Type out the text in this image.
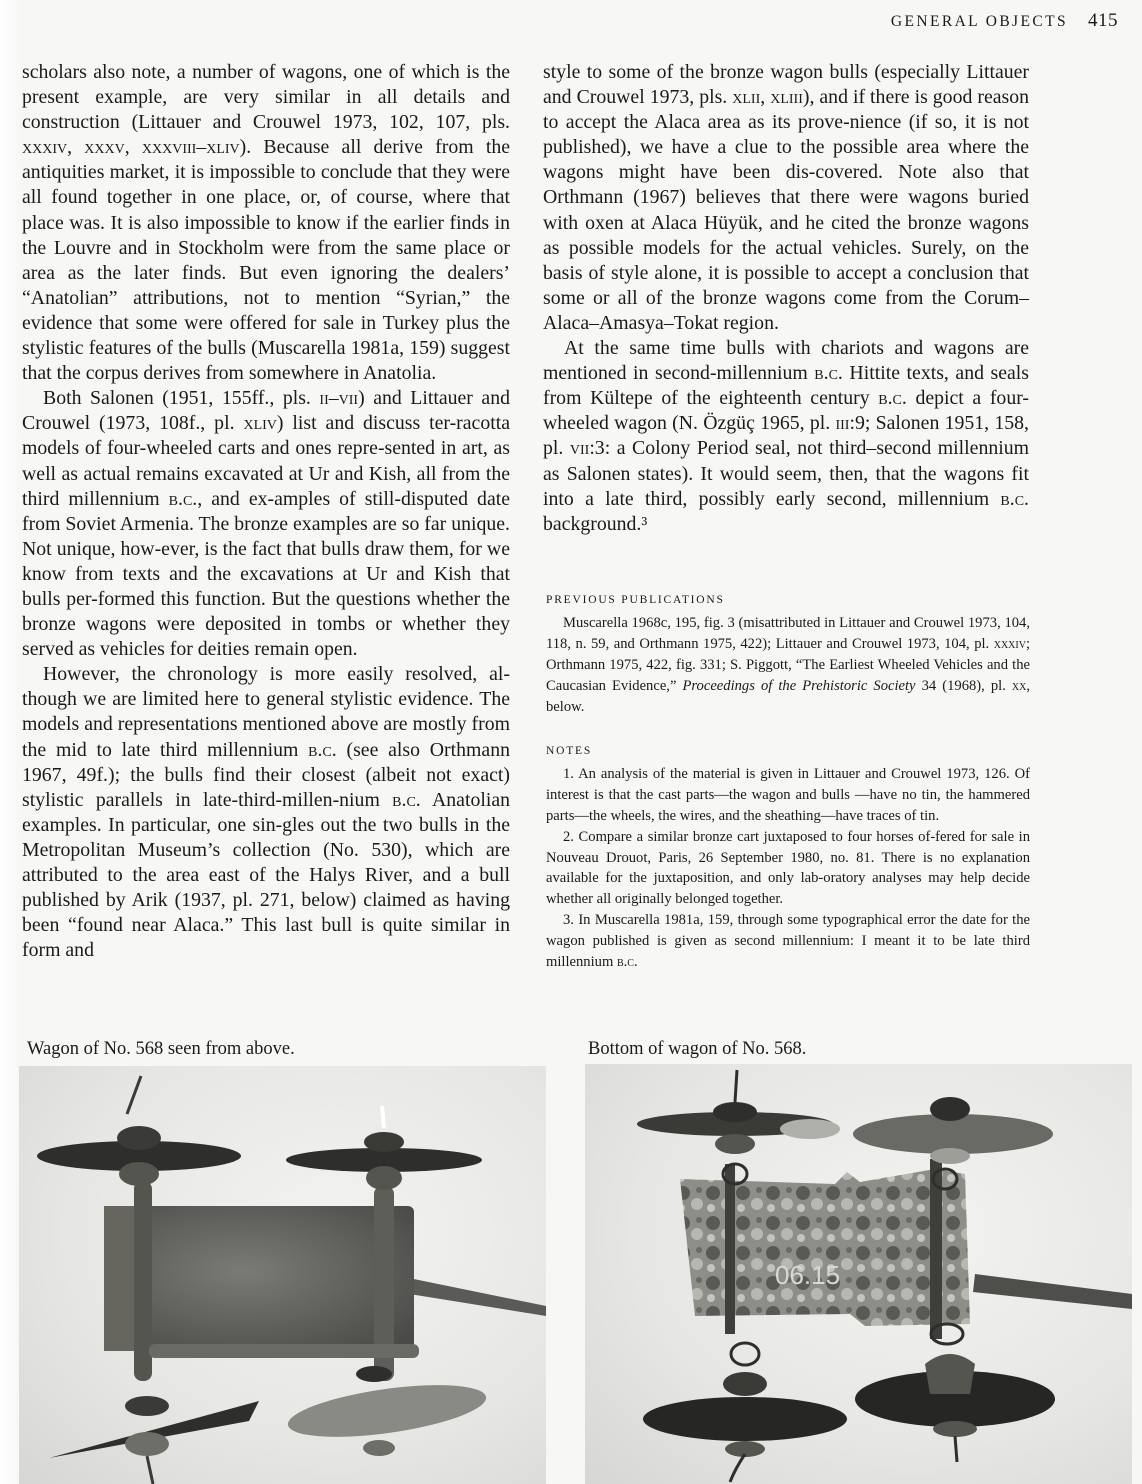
GENERAL OBJECTS 415

scholars also note, a number of wagons, one of which is the present example, are very similar in all details and construction (Littauer and Crouwel 1973, 102, 107, pls. xxxiv, xxxv, xxxviii–xliv). Because all derive from the antiquities market, it is impossible to conclude that they were all found together in one place, or, of course, where that place was. It is also impossible to know if the earlier finds in the Louvre and in Stockholm were from the same place or area as the later finds. But even ignoring the dealers’ “Anatolian” attributions, not to mention “Syrian,” the evidence that some were offered for sale in Turkey plus the stylistic features of the bulls (Muscarella 1981a, 159) suggest that the corpus derives from somewhere in Anatolia.

Both Salonen (1951, 155ff., pls. ii–vii) and Littauer and Crouwel (1973, 108f., pl. xliv) list and discuss ter-racotta models of four-wheeled carts and ones repre-sented in art, as well as actual remains excavated at Ur and Kish, all from the third millennium b.c., and ex-amples of still-disputed date from Soviet Armenia. The bronze examples are so far unique. Not unique, how-ever, is the fact that bulls draw them, for we know from texts and the excavations at Ur and Kish that bulls per-formed this function. But the questions whether the bronze wagons were deposited in tombs or whether they served as vehicles for deities remain open.

However, the chronology is more easily resolved, al-though we are limited here to general stylistic evidence. The models and representations mentioned above are mostly from the mid to late third millennium b.c. (see also Orthmann 1967, 49f.); the bulls find their closest (albeit not exact) stylistic parallels in late-third-millen-nium b.c. Anatolian examples. In particular, one sin-gles out the two bulls in the Metropolitan Museum’s collection (No. 530), which are attributed to the area east of the Halys River, and a bull published by Arik (1937, pl. 271, below) claimed as having been “found near Alaca.” This last bull is quite similar in form and

style to some of the bronze wagon bulls (especially Littauer and Crouwel 1973, pls. xlii, xliii), and if there is good reason to accept the Alaca area as its prove-nience (if so, it is not published), we have a clue to the possible area where the wagons might have been dis-covered. Note also that Orthmann (1967) believes that there were wagons buried with oxen at Alaca Hüyük, and he cited the bronze wagons as possible models for the actual vehicles. Surely, on the basis of style alone, it is possible to accept a conclusion that some or all of the bronze wagons come from the Corum–Alaca–Amasya–Tokat region.

At the same time bulls with chariots and wagons are mentioned in second-millennium b.c. Hittite texts, and seals from Kültepe of the eighteenth century b.c. depict a four-wheeled wagon (N. Özgüç 1965, pl. iii:9; Salonen 1951, 158, pl. vii:3: a Colony Period seal, not third–second millennium as Salonen states). It would seem, then, that the wagons fit into a late third, possibly early second, millennium b.c. background.³

PREVIOUS PUBLICATIONS

Muscarella 1968c, 195, fig. 3 (misattributed in Littauer and Crouwel 1973, 104, 118, n. 59, and Orthmann 1975, 422); Littauer and Crouwel 1973, 104, pl. xxxiv; Orthmann 1975, 422, fig. 331; S. Piggott, “The Earliest Wheeled Vehicles and the Caucasian Evidence,” Proceedings of the Prehistoric Society 34 (1968), pl. xx, below.

NOTES

1. An analysis of the material is given in Littauer and Crouwel 1973, 126. Of interest is that the cast parts—the wagon and bulls —have no tin, the hammered parts—the wheels, the wires, and the sheathing—have traces of tin.

2. Compare a similar bronze cart juxtaposed to four horses of-fered for sale in Nouveau Drouot, Paris, 26 September 1980, no. 81. There is no explanation available for the juxtaposition, and only lab-oratory analyses may help decide whether all originally belonged together.

3. In Muscarella 1981a, 159, through some typographical error the date for the wagon published is given as second millennium: I meant it to be late third millennium b.c.

Wagon of No. 568 seen from above.	Bottom of wagon of No. 568.
06.15
